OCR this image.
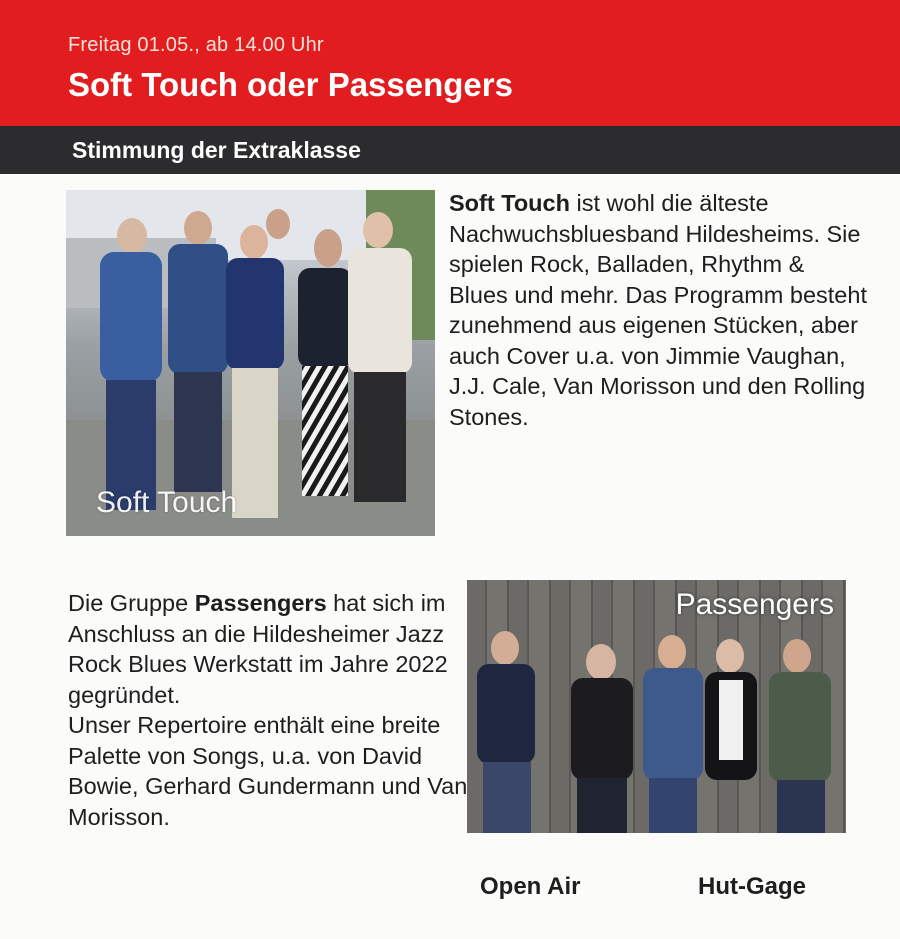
Freitag 01.05., ab 14.00 Uhr
Soft Touch oder Passengers
Stimmung der Extraklasse
Soft Touch
Soft Touch ist wohl die älteste Nachwuchsbluesband Hildesheims. Sie spielen Rock, Balladen, Rhythm & Blues und mehr. Das Programm besteht zunehmend aus eigenen Stücken, aber auch Cover u.a. von Jimmie Vaughan, J.J. Cale, Van Morisson und den Rolling Stones.
Die Gruppe Passengers hat sich im Anschluss an die Hildesheimer Jazz Rock Blues Werkstatt im Jahre 2022 gegründet.
Unser Repertoire enthält eine breite Palette von Songs, u.a. von David Bowie, Gerhard Gundermann und Van Morisson.
Passengers
Open Air	Hut-Gage
